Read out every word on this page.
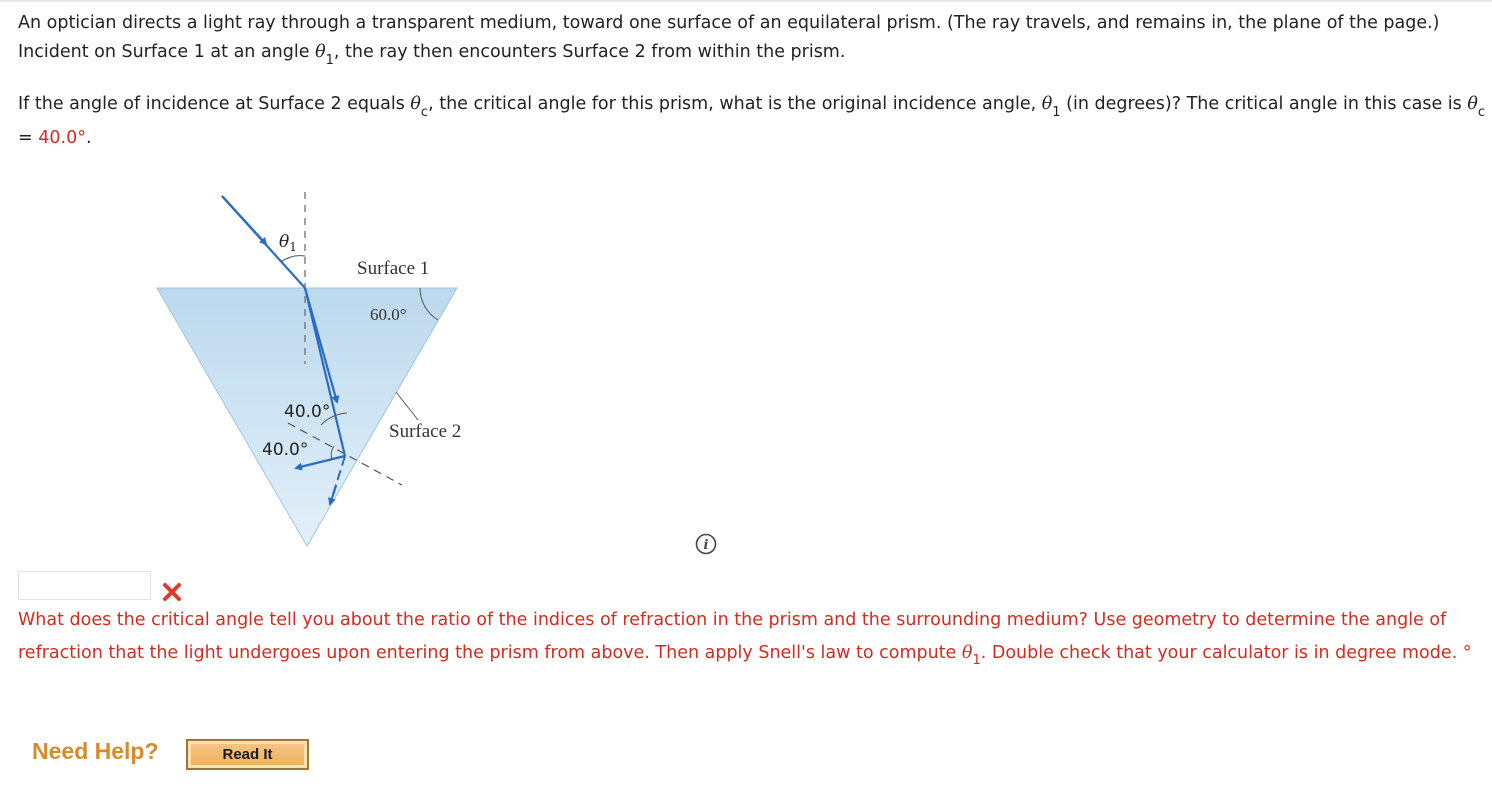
An optician directs a light ray through a transparent medium, toward one surface of an equilateral prism. (The ray travels, and remains in, the plane of the page.) Incident on Surface 1 at an angle $\theta_1$, the ray then encounters Surface 2 from within the prism.

If the angle of incidence at Surface 2 equals $\theta_c$, the critical angle for this prism, what is the original incidence angle, $\theta_1$ (in degrees)? The critical angle in this case is $\theta_c = 40.0^\circ$.

$\theta_1$
Surface 1
60.0°
40.0°
40.0°
Surface 2
i
What does the critical angle tell you about the ratio of the indices of refraction in the prism and the surrounding medium? Use geometry to determine the angle of refraction that the light undergoes upon entering the prism from above. Then apply Snell's law to compute $\theta_1$. Double check that your calculator is in degree mode. °
Need Help?	Read It
